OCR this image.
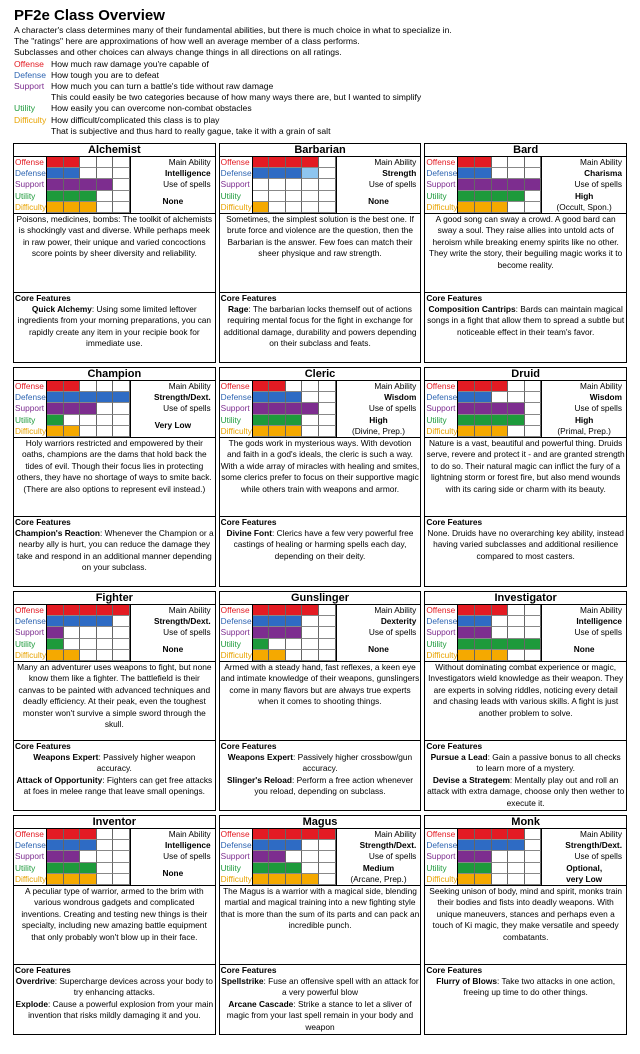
PF2e Class Overview
A character's class determines many of their fundamental abilities, but there is much choice in what to specialize in.
The "ratings" here are approximations of how well an average member of a class performs.
Subclasses and other choices can always change things in all directions on all ratings.
Offense How much raw damage you're capable of
Defense How tough you are to defeat
Support How much you can turn a battle's tide without raw damage
This could easily be two categories because of how many ways there are, but I wanted to simplify
Utility	How easily you can overcome non-combat obstacles
Difficulty How difficult/complicated this class is to play
That is subjective and thus hard to really gague, take it with a grain of salt
Alchemist
Offense
Defense
Support
Utility
Difficulty
Main Ability
Intelligence
Use of spells
None
Poisons, medicines, bombs: The toolkit of alchemists is shockingly vast and diverse. While perhaps meek in raw power, their unique and varied concoctions score points by sheer diversity and reliability.
Core Features
Quick Alchemy: Using some limited leftover ingredients from your morning preparations, you can rapidly create any item in your recipie book for immediate use.
Barbarian
Offense
Defense
Support
Utility
Difficulty
Main Ability
Strength
Use of spells
None
Sometimes, the simplest solution is the best one. If brute force and violence are the question, then the Barbarian is the answer. Few foes can match their sheer physique and raw strength.
Core Features
Rage: The barbarian locks themself out of actions requiring mental focus for the fight in exchange for additional damage, durability and powers depending on their subclass and feats.
Bard
Offense
Defense
Support
Utility
Difficulty
Main Ability
Charisma
Use of spells
High
(Occult, Spon.)
A good song can sway a crowd. A good bard can sway a soul. They raise allies into untold acts of heroism while breaking enemy spirits like no other. They write the story, their beguiling magic works it to become reality.
Core Features
Composition Cantrips: Bards can maintain magical songs in a fight that allow them to spread a subtle but noticeable effect in their team's favor.
Champion
Offense
Defense
Support
Utility
Difficulty
Main Ability
Strength/Dext.
Use of spells
Very Low
Holy warriors restricted and empowered by their oaths, champions are the dams that hold back the tides of evil. Though their focus lies in protecting others, they have no shortage of ways to smite back. (There are also options to represent evil instead.)
Core Features
Champion's Reaction: Whenever the Champion or a nearby ally is hurt, you can reduce the damage they take and respond in an additional manner depending on your subclass.
Cleric
Offense
Defense
Support
Utility
Difficulty
Main Ability
Wisdom
Use of spells
High
(Divine, Prep.)
The gods work in mysterious ways. With devotion and faith in a god's ideals, the cleric is such a way. With a wide array of miracles with healing and smites, some clerics prefer to focus on their supportive magic while others train with weapons and armor.
Core Features
Divine Font: Clerics have a few very powerful free castings of healing or harming spells each day, depending on their deity.
Druid
Offense
Defense
Support
Utility
Difficulty
Main Ability
Wisdom
Use of spells
High
(Primal, Prep.)
Nature is a vast, beautiful and powerful thing. Druids serve, revere and protect it - and are granted strength to do so. Their natural magic can inflict the fury of a lightning storm or forest fire, but also mend wounds with its caring side or charm with its beauty.
Core Features
None. Druids have no overarching key ability, instead having varied subclasses and additional resilience compared to most casters.
Fighter
Offense
Defense
Support
Utility
Difficulty
Main Ability
Strength/Dext.
Use of spells
None
Many an adventurer uses weapons to fight, but none know them like a fighter. The battlefield is their canvas to be painted with advanced techniques and deadly efficiency. At their peak, even the toughest monster won't survive a simple sword through the skull.
Core Features
Weapons Expert: Passively higher weapon accuracy.
Attack of Opportunity: Fighters can get free attacks at foes in melee range that leave small openings.
Gunslinger
Offense
Defense
Support
Utility
Difficulty
Main Ability
Dexterity
Use of spells
None
Armed with a steady hand, fast reflexes, a keen eye and intimate knowledge of their weapons, gunslingers come in many flavors but are always true experts when it comes to shooting things.
Core Features
Weapons Expert: Passively higher crossbow/gun accuracy.
Slinger's Reload: Perform a free action whenever you reload, depending on subclass.
Investigator
Offense
Defense
Support
Utility
Difficulty
Main Ability
Intelligence
Use of spells
None
Without dominating combat experience or magic, Investigators wield knowledge as their weapon. They are experts in solving riddles, noticing every detail and chasing leads with various skills. A fight is just another problem to solve.
Core Features
Pursue a Lead: Gain a passive bonus to all checks to learn more of a mystery.
Devise a Strategem: Mentally play out and roll an attack with extra damage, choose only then wether to execute it.
Inventor
Offense
Defense
Support
Utility
Difficulty
Main Ability
Intelligence
Use of spells
None
A peculiar type of warrior, armed to the brim with various wondrous gadgets and complicated inventions. Creating and testing new things is their specialty, including new amazing battle equipment that only probably won't blow up in their face.
Core Features
Overdrive: Supercharge devices across your body to try enhancing attacks.
Explode: Cause a powerful explosion from your main invention that risks mildly damaging it and you.
Magus
Offense
Defense
Support
Utility
Difficulty
Main Ability
Strength/Dext.
Use of spells
Medium
(Arcane, Prep.)
The Magus is a warrior with a magical side, blending martial and magical training into a new fighting style that is more than the sum of its parts and can pack an incredible punch.
Core Features
Spellstrike: Fuse an offensive spell with an attack for a very powerful blow
Arcane Cascade: Strike a stance to let a sliver of magic from your last spell remain in your body and weapon
Monk
Offense
Defense
Support
Utility
Difficulty
Main Ability
Strength/Dext.
Use of spells
Optional,
very Low
Seeking unison of body, mind and spirit, monks train their bodies and fists into deadly weapons. With unique maneuvers, stances and perhaps even a touch of Ki magic, they make versatile and speedy combatants.
Core Features
Flurry of Blows: Take two attacks in one action, freeing up time to do other things.
